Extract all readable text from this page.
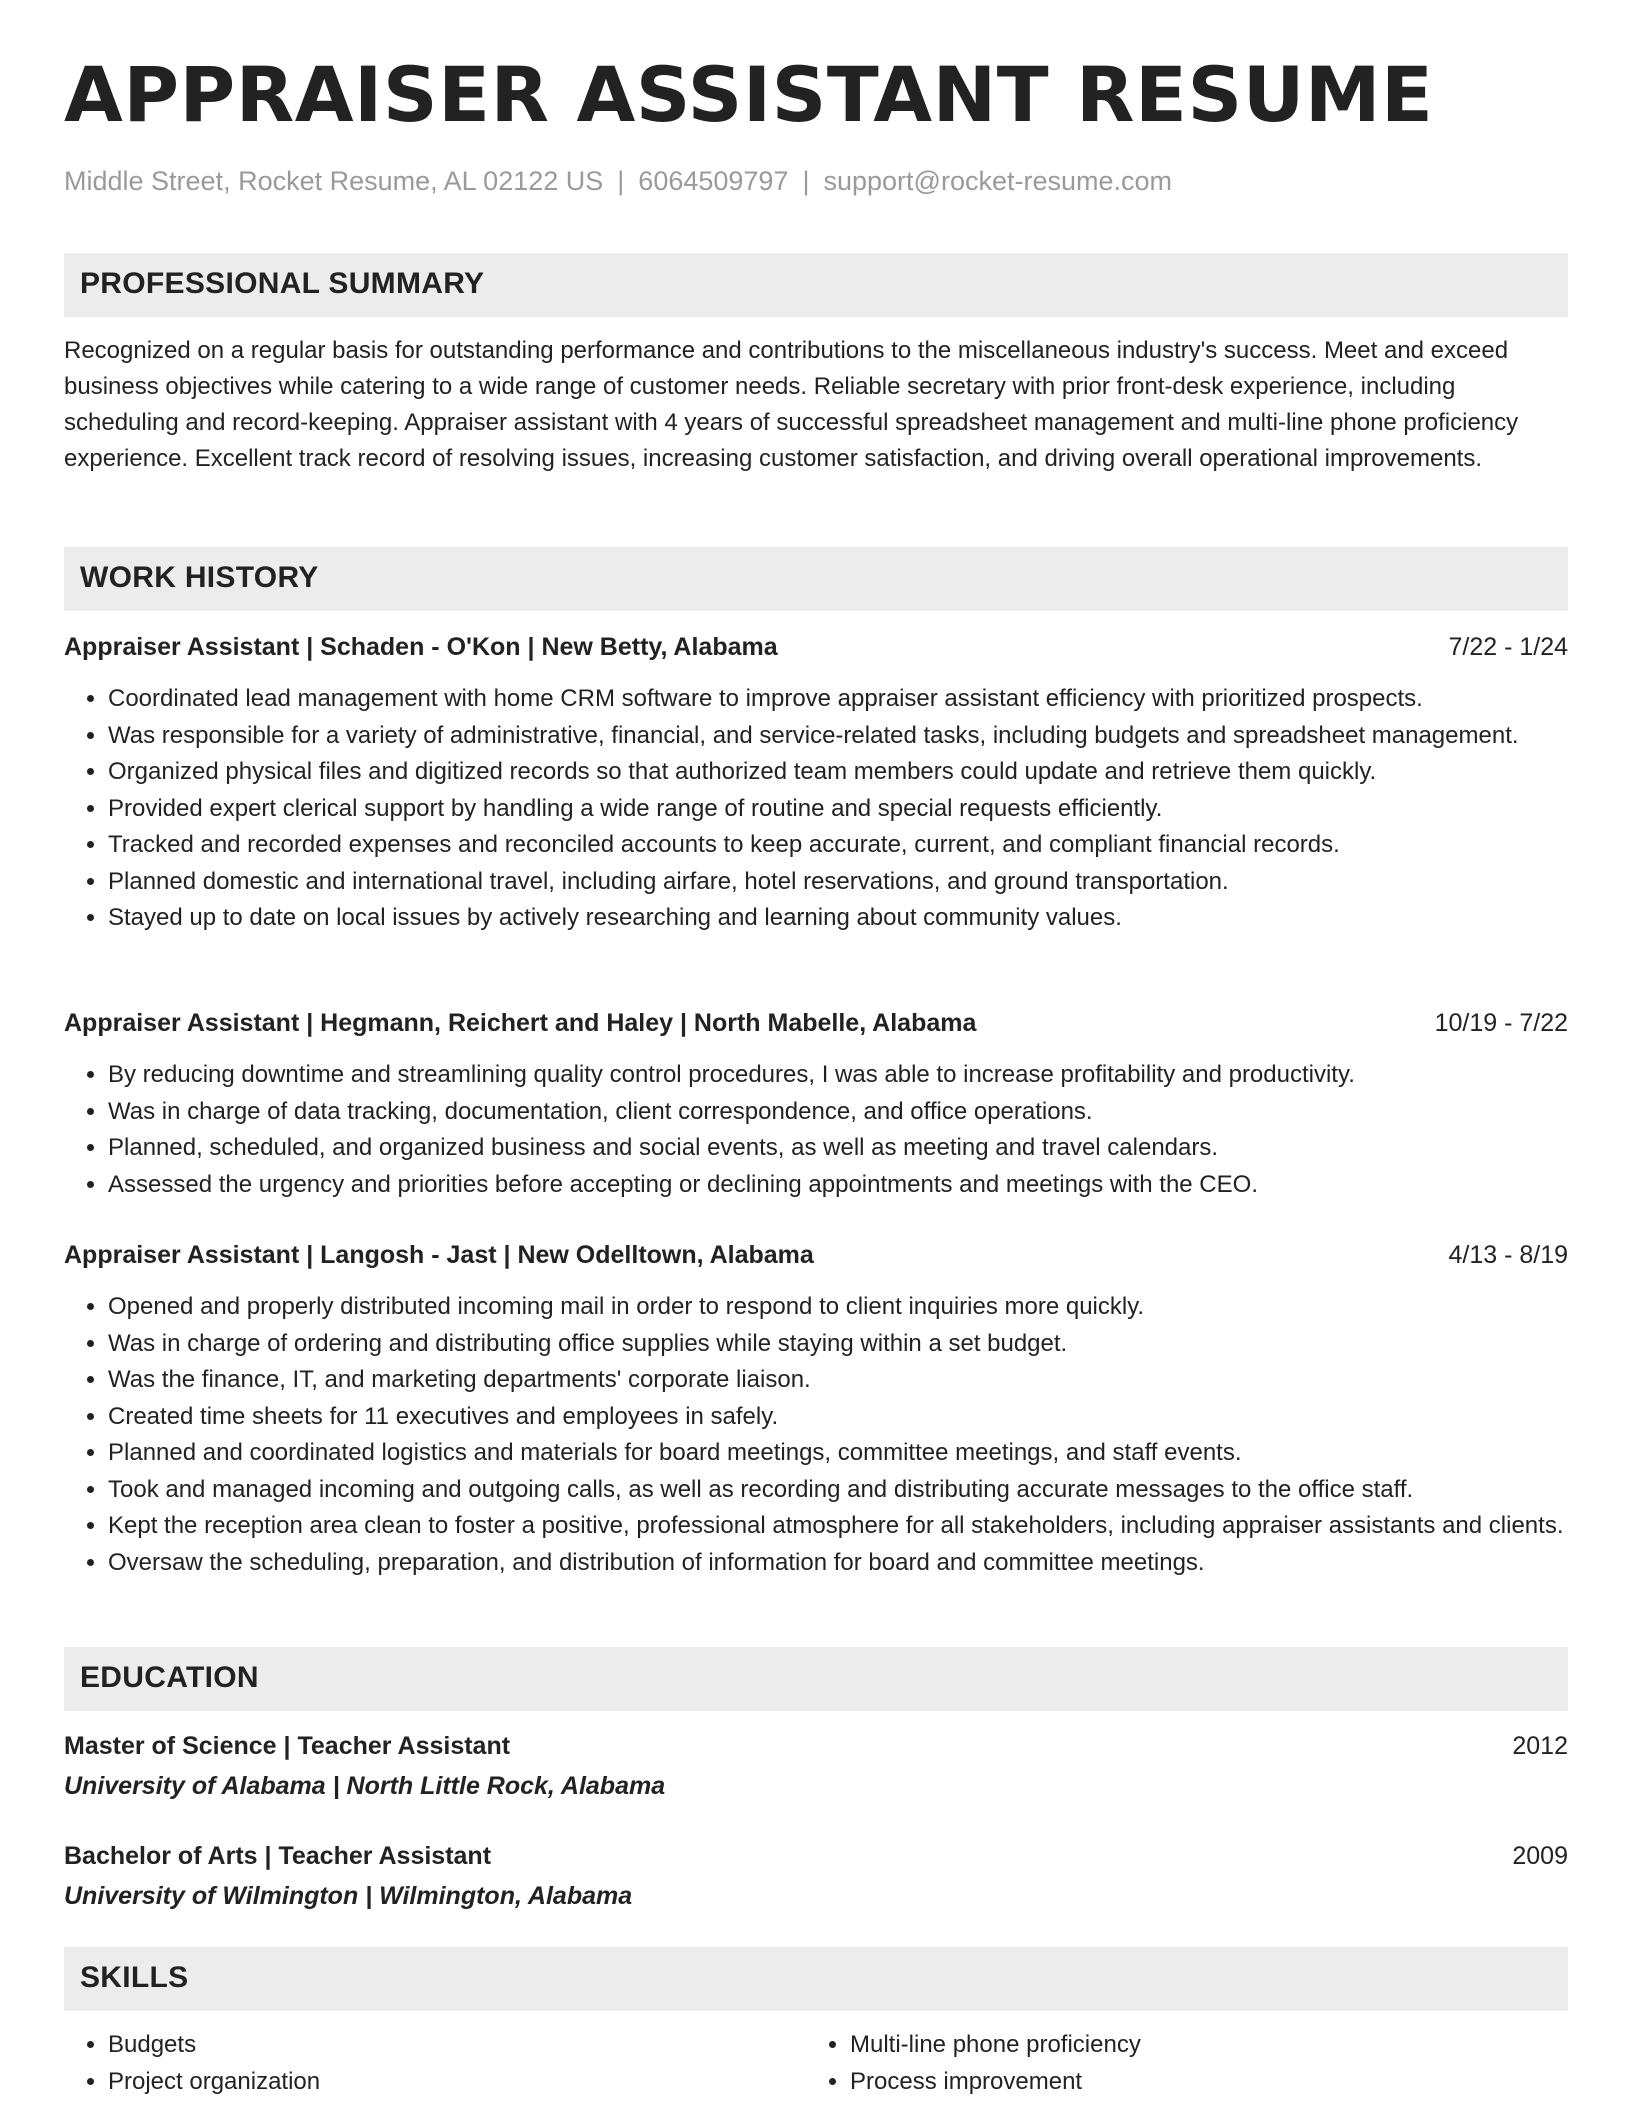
APPRAISER ASSISTANT RESUME
Middle Street, Rocket Resume, AL 02122 US | 6064509797 | support@rocket-resume.com
PROFESSIONAL SUMMARY

Recognized on a regular basis for outstanding performance and contributions to the miscellaneous industry's success. Meet and exceed business objectives while catering to a wide range of customer needs. Reliable secretary with prior front-desk experience, including scheduling and record-keeping. Appraiser assistant with 4 years of successful spreadsheet management and multi-line phone proficiency experience. Excellent track record of resolving issues, increasing customer satisfaction, and driving overall operational improvements.

WORK HISTORY
Appraiser Assistant | Schaden - O'Kon | New Betty, Alabama	7/22 - 1/24
• Coordinated lead management with home CRM software to improve appraiser assistant efficiency with prioritized prospects.
• Was responsible for a variety of administrative, financial, and service-related tasks, including budgets and spreadsheet management.
• Organized physical files and digitized records so that authorized team members could update and retrieve them quickly.
• Provided expert clerical support by handling a wide range of routine and special requests efficiently.
• Tracked and recorded expenses and reconciled accounts to keep accurate, current, and compliant financial records.
• Planned domestic and international travel, including airfare, hotel reservations, and ground transportation.
• Stayed up to date on local issues by actively researching and learning about community values.
Appraiser Assistant | Hegmann, Reichert and Haley | North Mabelle, Alabama	10/19 - 7/22
• By reducing downtime and streamlining quality control procedures, I was able to increase profitability and productivity.
• Was in charge of data tracking, documentation, client correspondence, and office operations.
• Planned, scheduled, and organized business and social events, as well as meeting and travel calendars.
• Assessed the urgency and priorities before accepting or declining appointments and meetings with the CEO.
Appraiser Assistant | Langosh - Jast | New Odelltown, Alabama	4/13 - 8/19
• Opened and properly distributed incoming mail in order to respond to client inquiries more quickly.
• Was in charge of ordering and distributing office supplies while staying within a set budget.
• Was the finance, IT, and marketing departments' corporate liaison.
• Created time sheets for 11 executives and employees in safely.
• Planned and coordinated logistics and materials for board meetings, committee meetings, and staff events.
• Took and managed incoming and outgoing calls, as well as recording and distributing accurate messages to the office staff.
• Kept the reception area clean to foster a positive, professional atmosphere for all stakeholders, including appraiser assistants and clients.
• Oversaw the scheduling, preparation, and distribution of information for board and committee meetings.
EDUCATION
Master of Science | Teacher Assistant	2012
University of Alabama | North Little Rock, Alabama
Bachelor of Arts | Teacher Assistant	2009
University of Wilmington | Wilmington, Alabama
SKILLS
• Budgets
• Project organization
• Multi-line phone proficiency
• Process improvement
